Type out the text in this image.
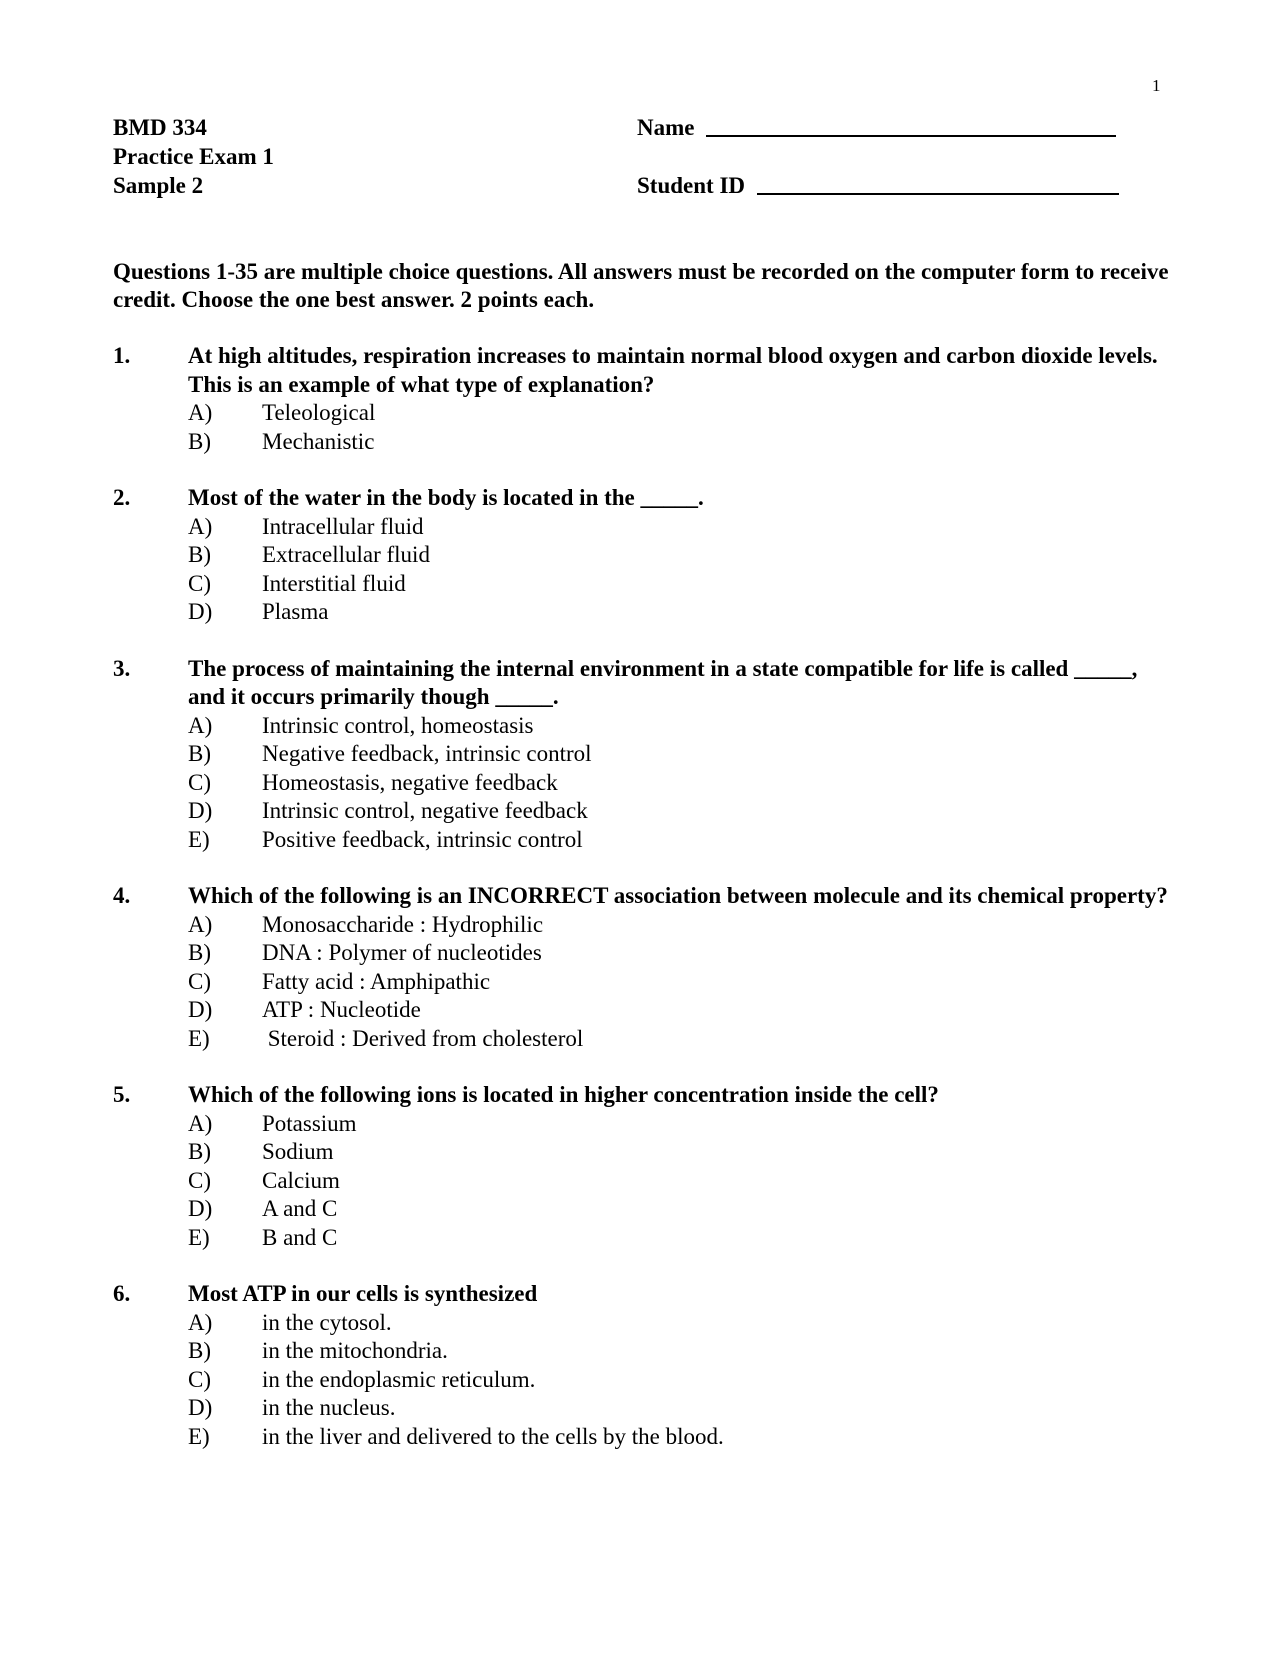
1
BMD 334
Practice Exam 1
Sample 2
Name
Student ID
Questions 1-35 are multiple choice questions. All answers must be recorded on the computer form to receive credit. Choose the one best answer. 2 points each.
1.	At high altitudes, respiration increases to maintain normal blood oxygen and carbon dioxide levels. This is an example of what type of explanation?
A)	Teleological
B)	Mechanistic
2.	Most of the water in the body is located in the _____.
A)	Intracellular fluid
B)	Extracellular fluid
C)	Interstitial fluid
D)	Plasma
3.	The process of maintaining the internal environment in a state compatible for life is called _____, and it occurs primarily though _____.
A)	Intrinsic control, homeostasis
B)	Negative feedback, intrinsic control
C)	Homeostasis, negative feedback
D)	Intrinsic control, negative feedback
E)	Positive feedback, intrinsic control
4.	Which of the following is an INCORRECT association between molecule and its chemical property?
A)	Monosaccharide : Hydrophilic
B)	DNA : Polymer of nucleotides
C)	Fatty acid : Amphipathic
D)	ATP : Nucleotide
E)	Steroid : Derived from cholesterol
5.	Which of the following ions is located in higher concentration inside the cell?
A)	Potassium
B)	Sodium
C)	Calcium
D)	A and C
E)	B and C
6.	Most ATP in our cells is synthesized
A)	in the cytosol.
B)	in the mitochondria.
C)	in the endoplasmic reticulum.
D)	in the nucleus.
E)	in the liver and delivered to the cells by the blood.
